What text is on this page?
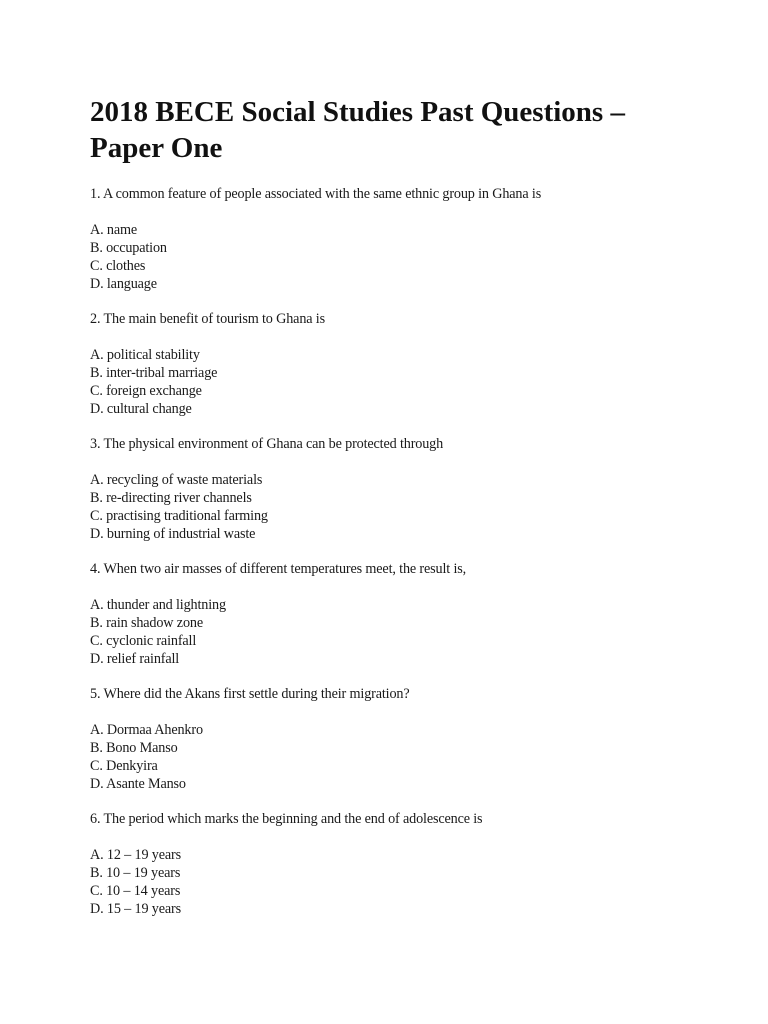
2018 BECE Social Studies Past Questions –
Paper One

1. A common feature of people associated with the same ethnic group in Ghana is

A. name
B. occupation
C. clothes
D. language

2. The main benefit of tourism to Ghana is

A. political stability
B. inter-tribal marriage
C. foreign exchange
D. cultural change

3. The physical environment of Ghana can be protected through

A. recycling of waste materials
B. re-directing river channels
C. practising traditional farming
D. burning of industrial waste

4. When two air masses of different temperatures meet, the result is,

A. thunder and lightning
B. rain shadow zone
C. cyclonic rainfall
D. relief rainfall

5. Where did the Akans first settle during their migration?

A. Dormaa Ahenkro
B. Bono Manso
C. Denkyira
D. Asante Manso

6. The period which marks the beginning and the end of adolescence is

A. 12 – 19 years
B. 10 – 19 years
C. 10 – 14 years
D. 15 – 19 years
